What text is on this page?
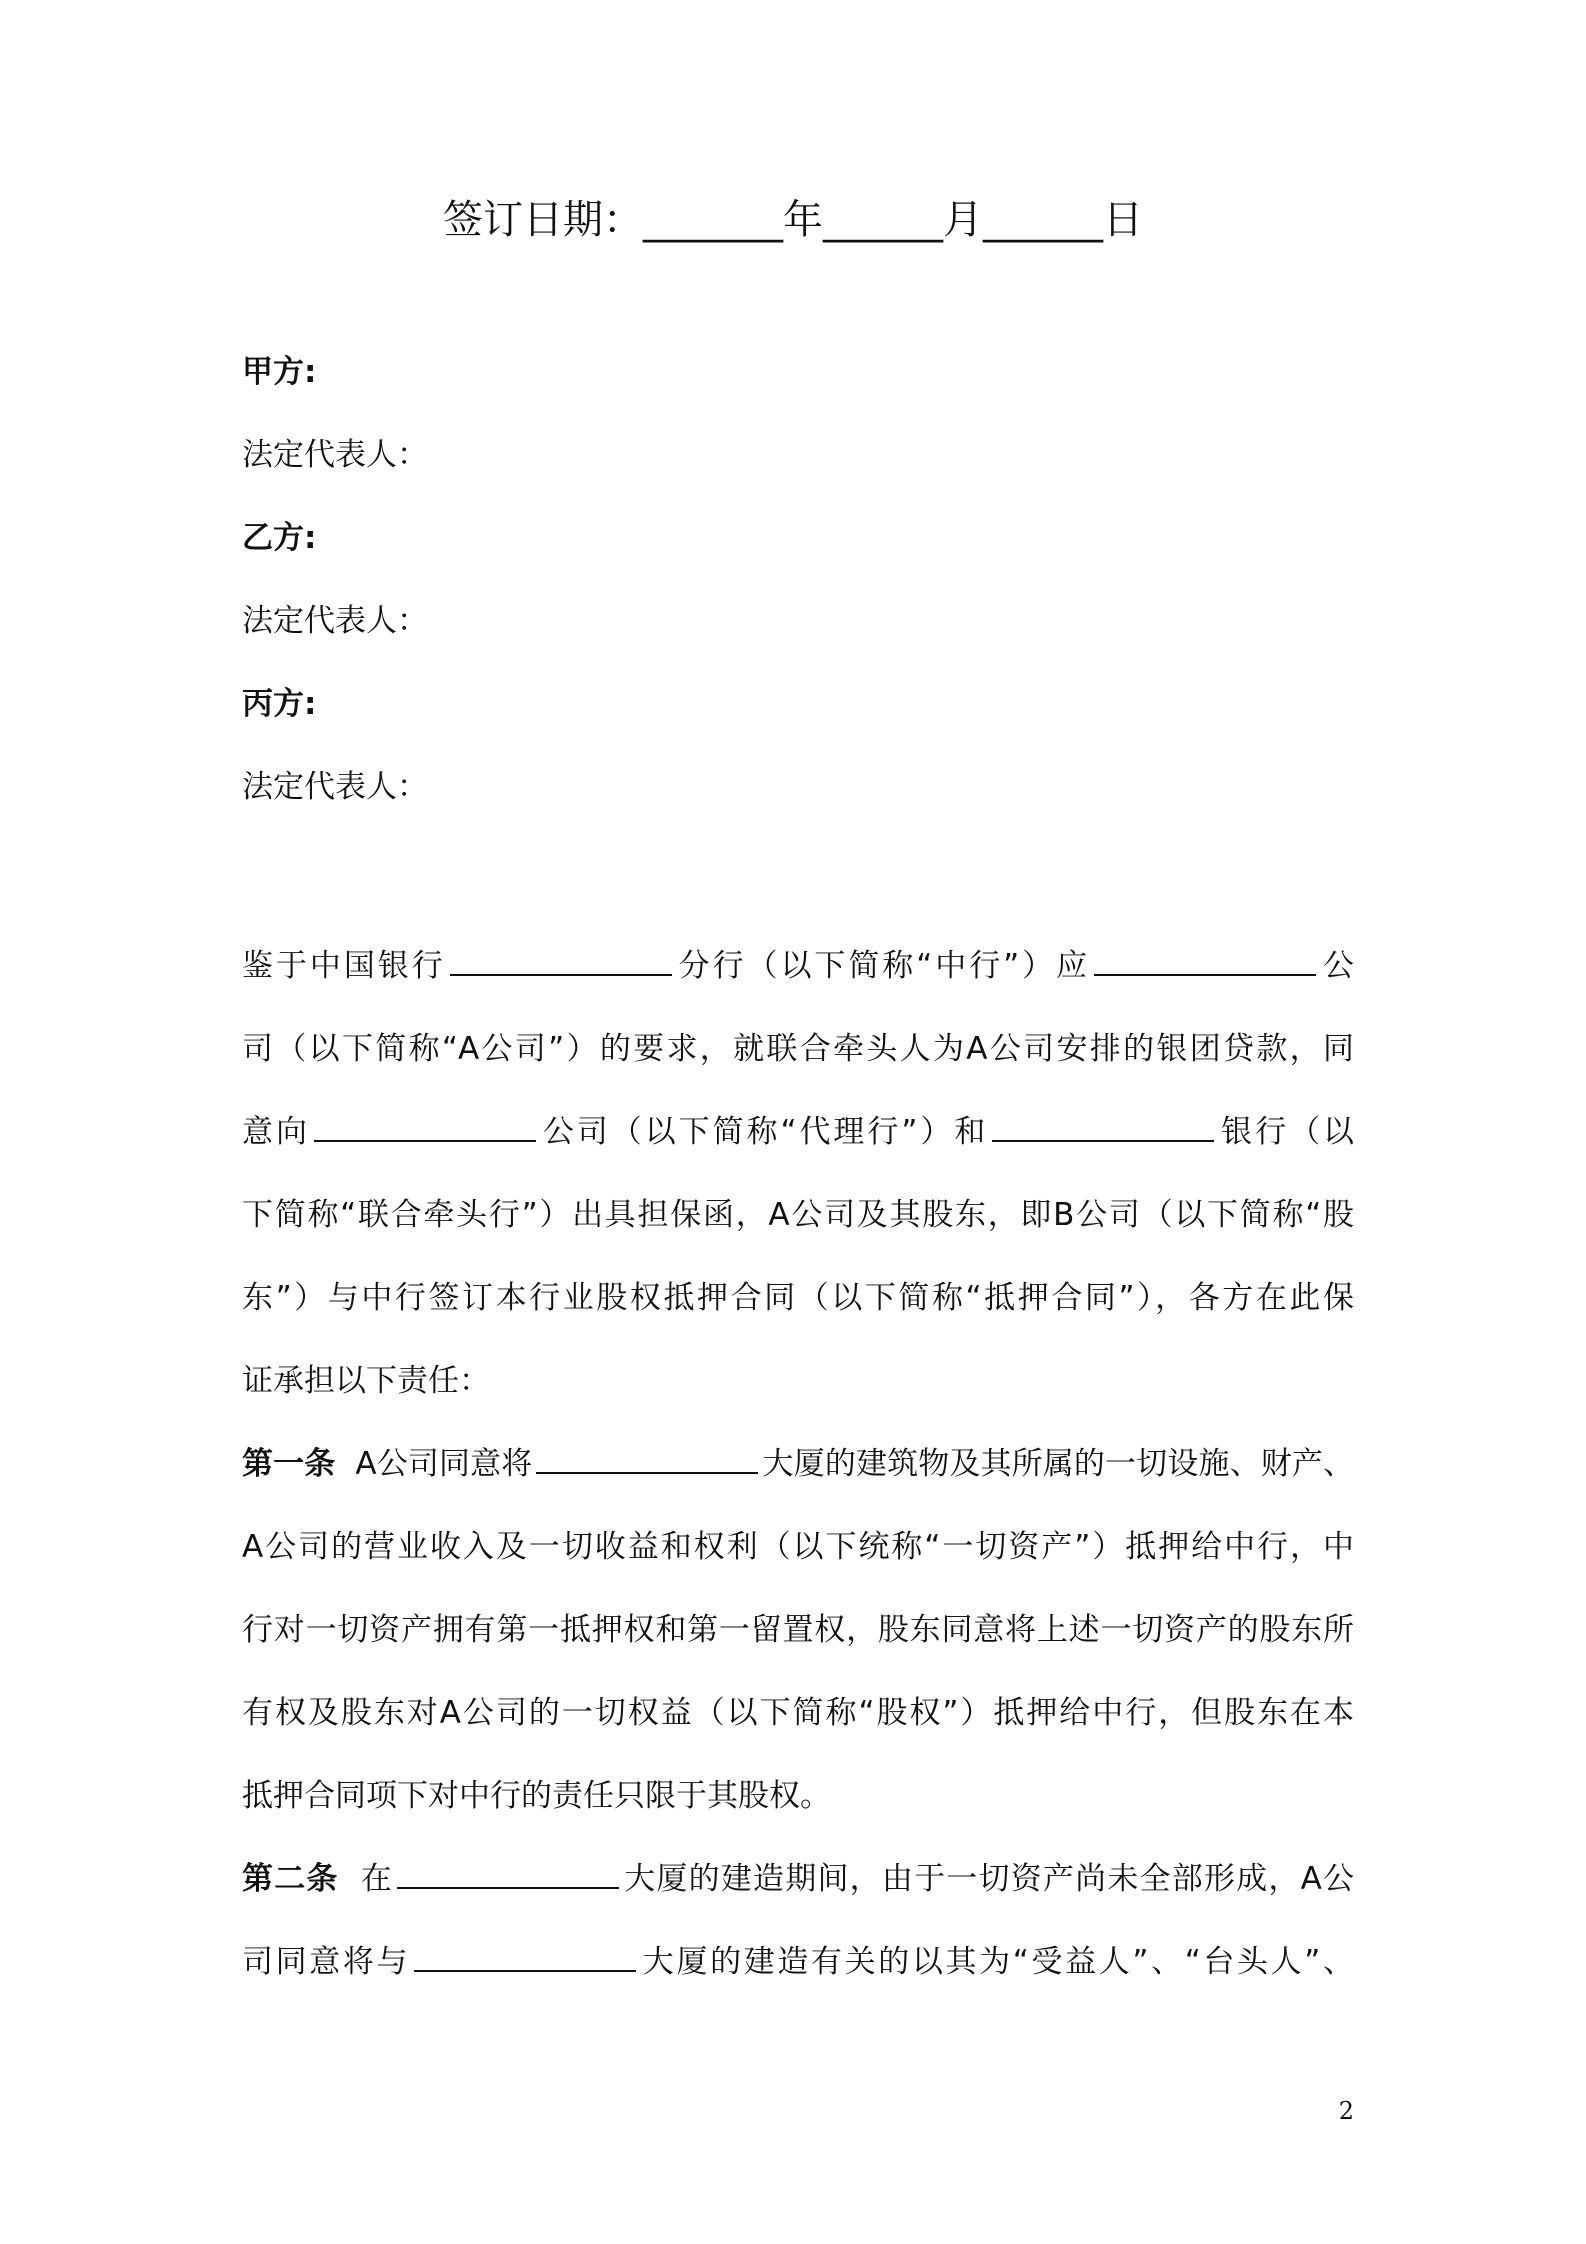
签订日期：_______年______月______日
甲方:
法定代表人：
乙方:
法定代表人：
丙方:
法定代表人：
鉴于中国银行	分行（以下简称“中行”）应	公
司（以下简称“A公司”）的要求，就联合牵头人为A公司安排的银团贷款，同
意向	公司（以下简称“代理行”）和	银行（以
下简称“联合牵头行”）出具担保函，A公司及其股东，即B公司（以下简称“股
东”）与中行签订本行业股权抵押合同（以下简称“抵押合同”），各方在此保
证承担以下责任：
第一条 A公司同意将	大厦的建筑物及其所属的一切设施、财产、
A公司的营业收入及一切收益和权利（以下统称“一切资产”）抵押给中行，中
行对一切资产拥有第一抵押权和第一留置权，股东同意将上述一切资产的股东所
有权及股东对A公司的一切权益（以下简称“股权”）抵押给中行，但股东在本
抵押合同项下对中行的责任只限于其股权。
第二条 在	大厦的建造期间，由于一切资产尚未全部形成，A公
司同意将与	大厦的建造有关的以其为“受益人”、“台头人”、
2
